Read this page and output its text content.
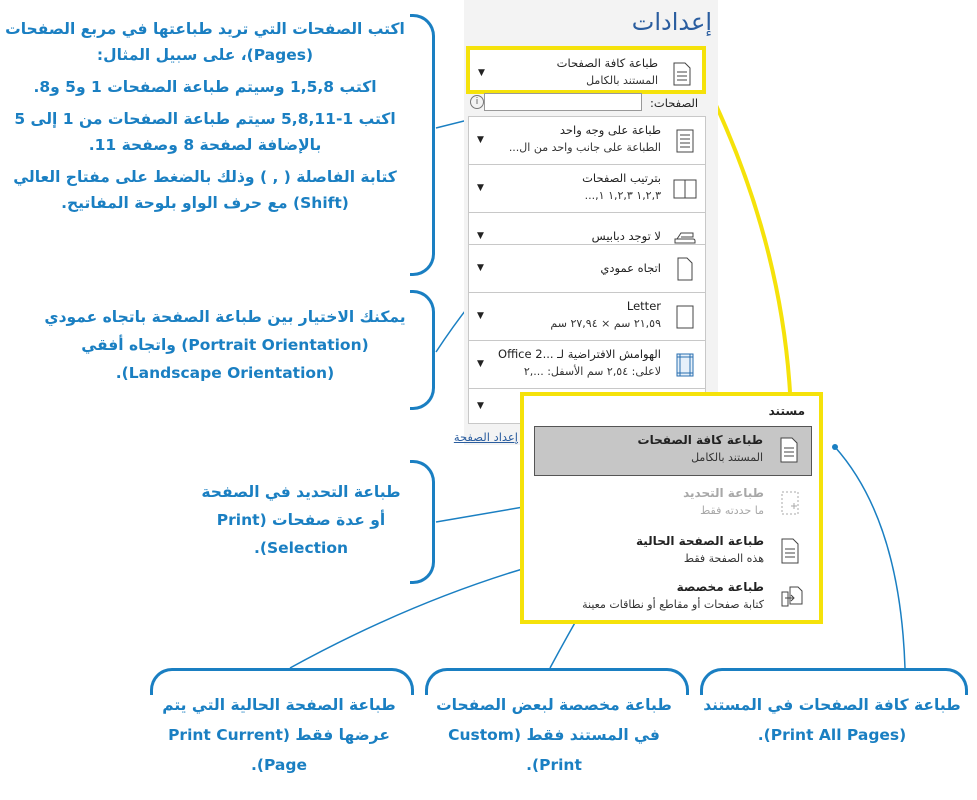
اكتب الصفحات التي تريد طباعتها في مربع الصفحات (Pages)، على سبيل المثال:
اكتب 1,5,8 وسيتم طباعة الصفحات 1 و5 و8.
اكتب 1-5,8,11 سيتم طباعة الصفحات من 1 إلى 5 بالإضافة لصفحة 8 وصفحة 11.
كتابة الفاصلة ( , ) وذلك بالضغط على مفتاح العالي (Shift) مع حرف الواو بلوحة المفاتيح.
يمكنك الاختيار بين طباعة الصفحة باتجاه عمودي (Portrait Orientation) واتجاه أفقي (Landscape Orientation).
طباعة التحديد في الصفحة أو عدة صفحات (Print Selection).
طباعة الصفحة الحالية التي يتم عرضها فقط (Print Current Page).
طباعة مخصصة لبعض الصفحات في المستند فقط (Custom Print).
طباعة كافة الصفحات في المستند (Print All Pages).
إعدادات
طباعة كافة الصفحات
المستند بالكامل
▼
الصفحات:
i
طباعة على وجه واحد
الطباعة على جانب واحد من ال...
▼
بترتيب الصفحات
١,٢,٣ ١,٢,٣ ١,...
▼
لا توجد دبابيس
▼
اتجاه عمودي
▼
Letter
٢١,٥٩ سم × ٢٧,٩٤ سم
▼
الهوامش الافتراضية لـ ...Office 2
لاعلى: ٢,٥٤ سم الأسفل: ...,٢
▼
▼
إعداد الصفحة
مستند
طباعة كافة الصفحات
المستند بالكامل
طباعة التحديد
ما حددته فقط
طباعة الصفحة الحالية
هذه الصفحة فقط
طباعة مخصصة
كتابة صفحات أو مقاطع أو نطاقات معينة
